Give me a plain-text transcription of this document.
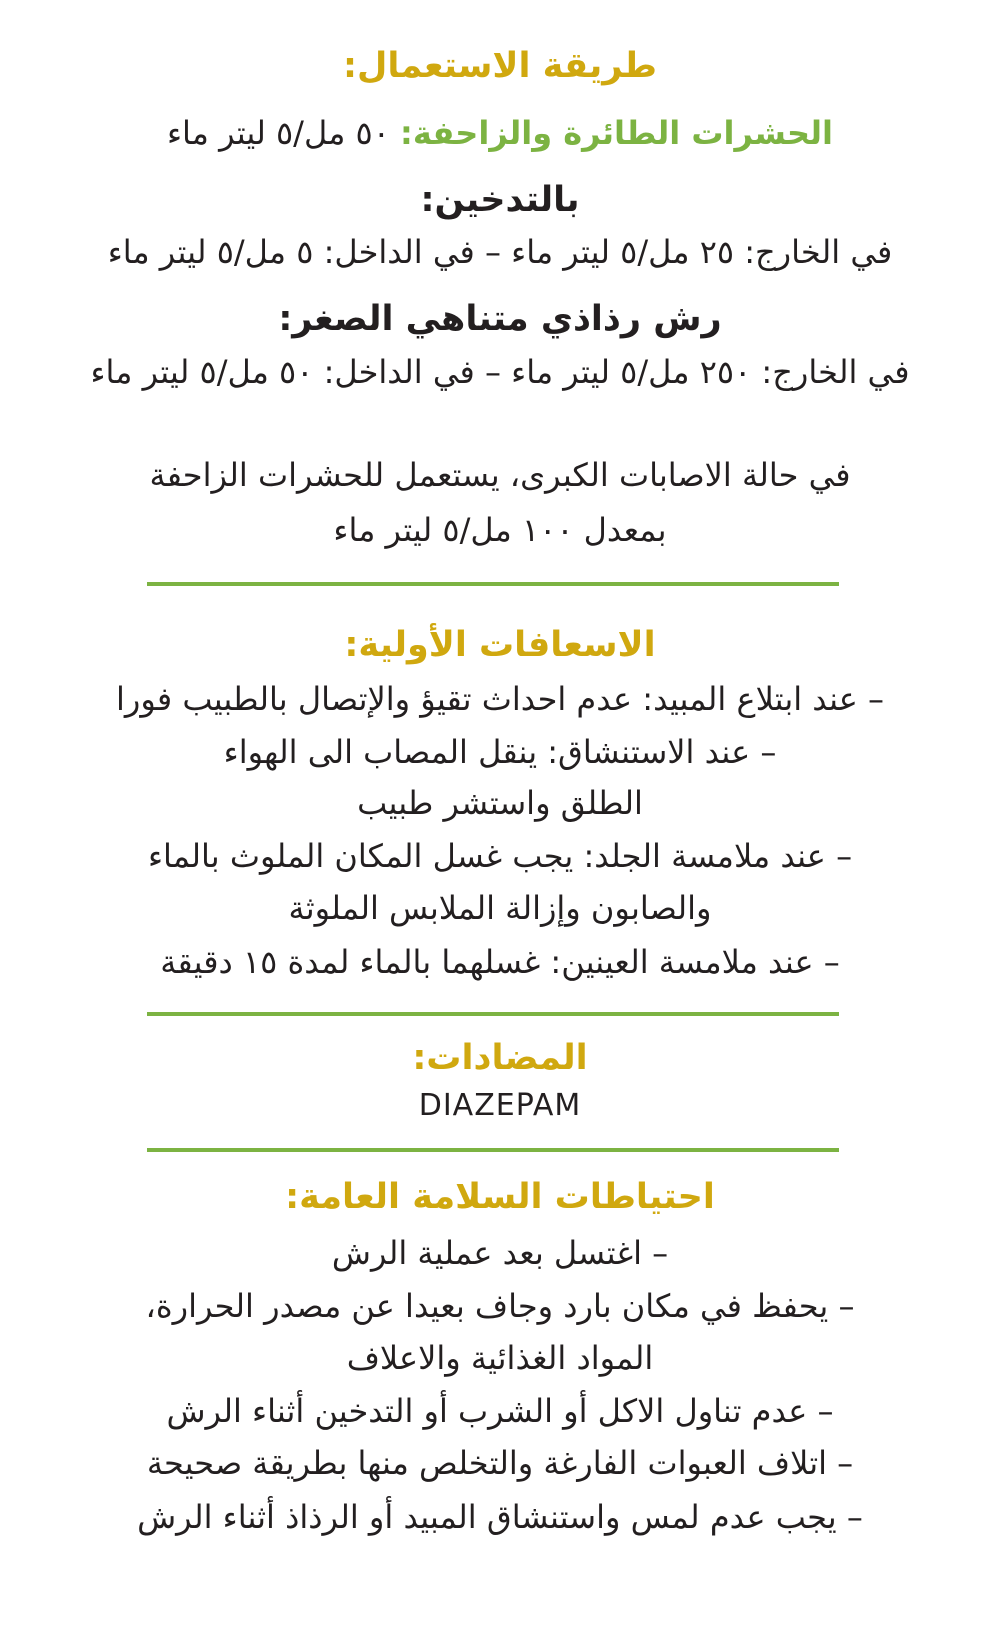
طريقة الاستعمال:
الحشرات الطائرة والزاحفة: ٥٠ مل/٥ ليتر ماء
بالتدخين:
في الخارج: ٢٥ مل/٥ ليتر ماء – في الداخل: ٥ مل/٥ ليتر ماء
رش رذاذي متناهي الصغر:
في الخارج: ٢٥٠ مل/٥ ليتر ماء – في الداخل: ٥٠ مل/٥ ليتر ماء
في حالة الاصابات الكبرى، يستعمل للحشرات الزاحفة
بمعدل ١٠٠ مل/٥ ليتر ماء
الاسعافات الأولية:
– عند ابتلاع المبيد: عدم احداث تقيؤ والإتصال بالطبيب فورا
– عند الاستنشاق: ينقل المصاب الى الهواء
الطلق واستشر طبيب
– عند ملامسة الجلد: يجب غسل المكان الملوث بالماء
والصابون وإزالة الملابس الملوثة
– عند ملامسة العينين: غسلهما بالماء لمدة ١٥ دقيقة
المضادات:
DIAZEPAM
احتياطات السلامة العامة:
– اغتسل بعد عملية الرش
– يحفظ في مكان بارد وجاف بعيدا عن مصدر الحرارة،
المواد الغذائية والاعلاف
– عدم تناول الاكل أو الشرب أو التدخين أثناء الرش
– اتلاف العبوات الفارغة والتخلص منها بطريقة صحيحة
– يجب عدم لمس واستنشاق المبيد أو الرذاذ أثناء الرش
